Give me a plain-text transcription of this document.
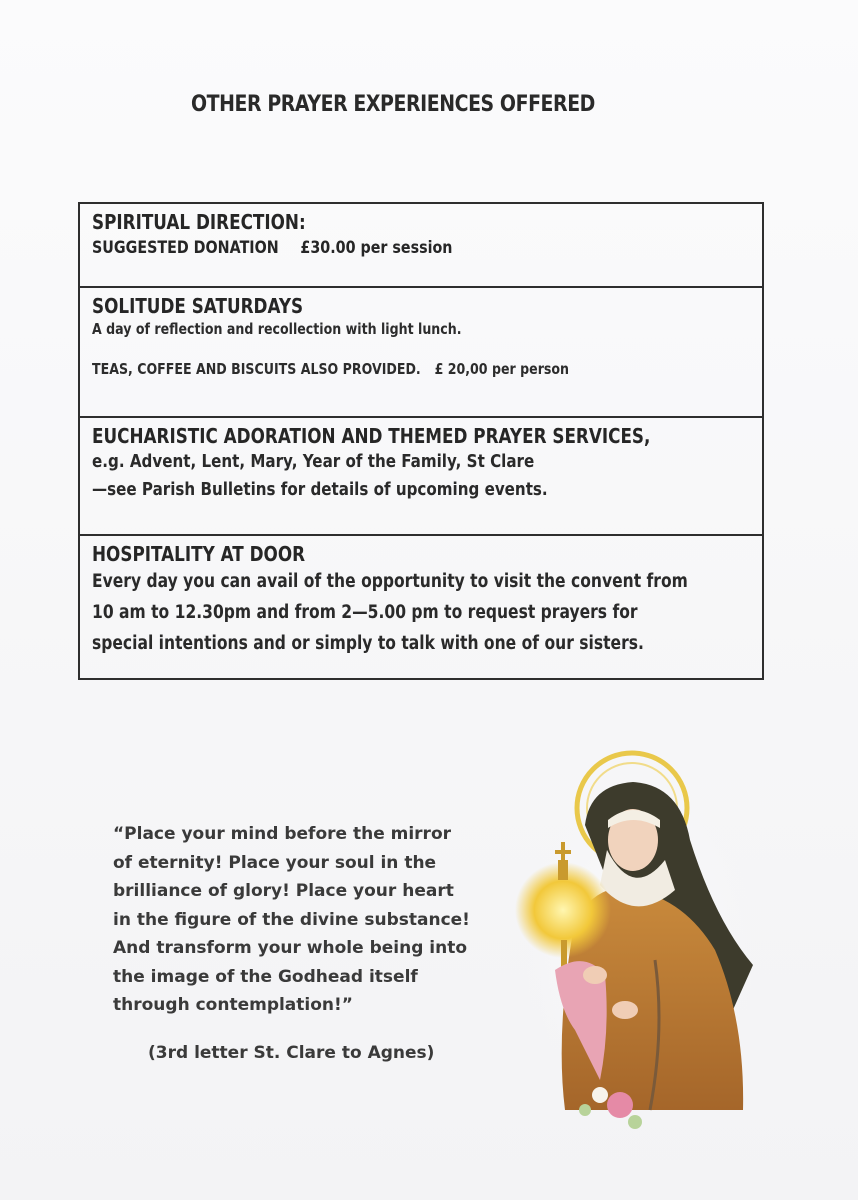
OTHER PRAYER EXPERIENCES OFFERED
SPIRITUAL DIRECTION:
SUGGESTED DONATION £30.00 per session
SOLITUDE SATURDAYS
A day of reflection and recollection with light lunch.
TEAS, COFFEE AND BISCUITS ALSO PROVIDED. £ 20,00 per person
EUCHARISTIC ADORATION AND THEMED PRAYER SERVICES,
e.g. Advent, Lent, Mary, Year of the Family, St Clare
—see Parish Bulletins for details of upcoming events.
HOSPITALITY AT DOOR
Every day you can avail of the opportunity to visit the convent from
10 am to 12.30pm and from 2—5.00 pm to request prayers for
special intentions and or simply to talk with one of our sisters.
“Place your mind before the mirror
of eternity! Place your soul in the
brilliance of glory! Place your heart
in the figure of the divine substance!
And transform your whole being into
the image of the Godhead itself
through contemplation!”
(3rd letter St. Clare to Agnes)
